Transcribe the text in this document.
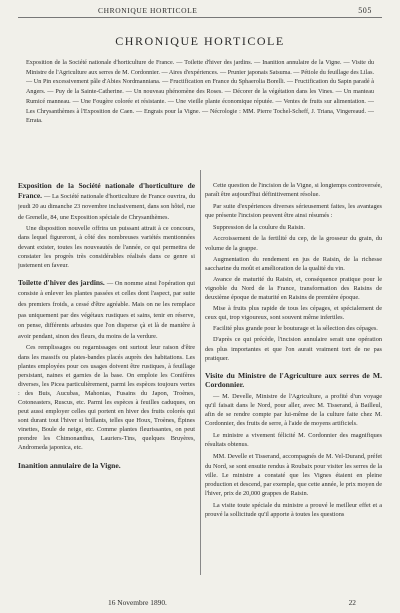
CHRONIQUE HORTICOLE	505
CHRONIQUE HORTICOLE
Exposition de la Société nationale d'horticulture de France. — Toilette d'hiver des jardins. — Inanition annulaire de la Vigne. — Visite du Ministre de l'Agriculture aux serres de M. Cordonnier. — Aires d'expériences. — Prunier japonais Satsuma. — Pétiole du feuillage des Lilas. — Un Pin excessivement pâle d'Abies Nordmanniana. — Fructification en France du Sphaerolia Borelli. — Fructification du Sapin paradé à Angers. — Puy de la Sainte-Catherine. — Un nouveau phénomène des Roses. — Décorer de la végétation dans les Vines. — Un manteau Rumicé manneau. — Une Fougère colorée et résistante. — Une vieille plante économique réputée. — Ventes de fruits sur alimentation. — Les Chrysanthèmes à l'Exposition de Caen. — Engrais pour la Vigne. — Nécrologie : MM. Pierre Tochel-Scheff, J. Triana, Vingereaud. — Errata.

Exposition de la Société nationale d'horticulture de France. — La Société nationale d'horticulture de France ouvrira, du jeudi 20 au dimanche 23 novembre inclusivement, dans son hôtel, rue de Grenelle, 84, une Exposition spéciale de Chrysanthèmes.

Une disposition nouvelle offrira un puissant attrait à ce concours, dans lequel figureront, à côté des nombreuses variétés mentionnées devant exister, toutes les nouveautés de l'année, ce qui permettra de constater les progrès très considérables réalisés dans ce genre si justement en faveur.

Toilette d'hiver des jardins. — On nomme ainsi l'opération qui consiste à enlever les plantes passées et celles dont l'aspect, par suite des premiers froids, a cessé d'être agréable. Mais on ne les remplace pas uniquement par des végétaux rustiques et sains, tenir en réserve, on pense, différents arbustes que l'on disperse çà et là de manière à avoir pendant, sinon des fleurs, du moins de la verdure.

Ces remplissages ou regarnissages ont surtout leur raison d'être dans les massifs ou plates-bandes placés auprès des habitations. Les plantes employées pour ces usages doivent être rustiques, à feuillage persistant, naines et garnies de la base. On emploie les Conifères diverses, les Picea particulièrement, parmi les espèces toujours vertes : des Buis, Aucubas, Mahonias, Fusains du Japon, Troènes, Cotoneasters, Ruscus, etc. Parmi les espèces à feuilles caduques, on peut aussi employer celles qui portent en hiver des fruits colorés qui sont durant tout l'hiver si brillants, telles que Houx, Troènes, Épines vinettes, Boule de neige, etc. Comme plantes fleurissantes, on peut prendre les Chimonanthus, Lauriers-Tins, quelques Bruyères, Andromeda japonica, etc.

Inanition annulaire de la Vigne.

Cette question de l'incision de la Vigne, si longtemps controversée, paraît être aujourd'hui définitivement résolue.

Par suite d'expériences diverses sérieusement faites, les avantages que présente l'incision peuvent être ainsi résumés :

Suppression de la coulure du Raisin.

Accroissement de la fertilité du cep, de la grosseur du grain, du volume de la grappe.

Augmentation du rendement en jus de Raisin, de la richesse saccharine du moût et amélioration de la qualité du vin.

Avance de maturité du Raisin, et, conséquence pratique pour le vignoble du Nord de la France, transformation des Raisins de deuxième époque de maturité en Raisins de première époque.

Mise à fruits plus rapide de tous les cépages, et spécialement de ceux qui, trop vigoureux, sont souvent même infertiles.

Facilité plus grande pour le bouturage et la sélection des cépages.

D'après ce qui précède, l'incision annulaire serait une opération des plus importantes et que l'on aurait vraiment tort de ne pas pratiquer.

Visite du Ministre de l'Agriculture aux serres de M. Cordonnier.

— M. Develle, Ministre de l'Agriculture, a profité d'un voyage qu'il faisait dans le Nord, pour aller, avec M. Tisserand, à Bailleul, afin de se rendre compte par lui-même de la culture faite chez M. Cordonnier, des fruits de serre, à l'aide de moyens artificiels.

Le ministre a vivement félicité M. Cordonnier des magnifiques résultats obtenus.

MM. Develle et Tisserand, accompagnés de M. Vel-Durand, préfet du Nord, se sont ensuite rendus à Roubaix pour visiter les serres de la ville. Le ministre a constaté que les Vignes étaient en pleine production et descend, par exemple, que cette année, le prix moyen de l'hiver, prix de 20,000 grappes de Raisin.

La visite toute spéciale du ministre a prouvé le meilleur effet et a prouvé la sollicitude qu'il apporte à toutes les questions

16 Novembre 1890.	22
